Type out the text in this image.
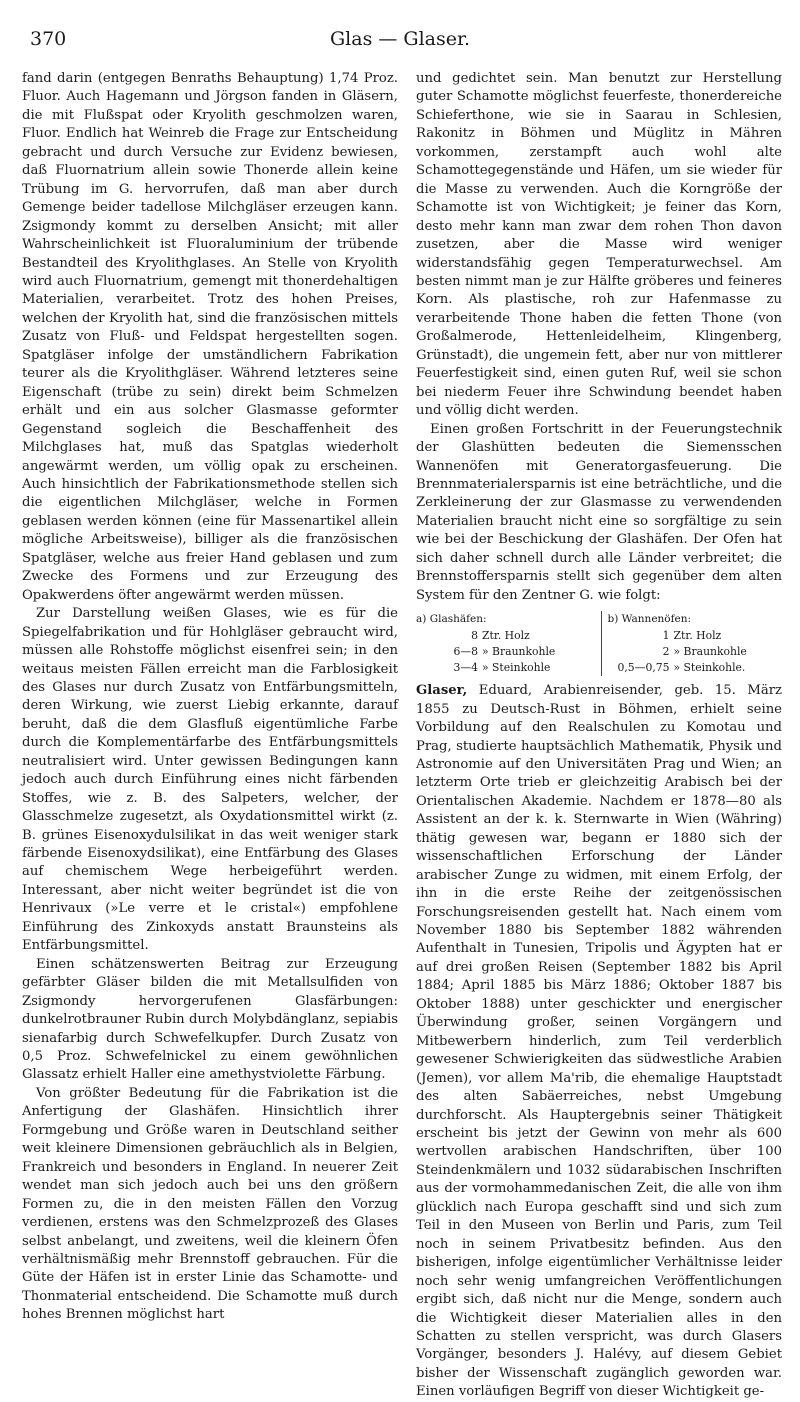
370	Glas — Glaser.

fand darin (entgegen Benraths Behauptung) 1,74 Proz. Fluor. Auch Hagemann und Jörgson fanden in Gläsern, die mit Flußspat oder Kryolith geschmolzen waren, Fluor. Endlich hat Weinreb die Frage zur Entscheidung gebracht und durch Versuche zur Evidenz bewiesen, daß Fluornatrium allein sowie Thonerde allein keine Trübung im G. hervorrufen, daß man aber durch Gemenge beider tadellose Milchgläser erzeugen kann. Zsigmondy kommt zu derselben Ansicht; mit aller Wahrscheinlichkeit ist Fluoraluminium der trübende Bestandteil des Kryolithglases. An Stelle von Kryolith wird auch Fluornatrium, gemengt mit thonerdehaltigen Materialien, verarbeitet. Trotz des hohen Preises, welchen der Kryolith hat, sind die französischen mittels Zusatz von Fluß- und Feldspat hergestellten sogen. Spatgläser infolge der umständlichern Fabrikation teurer als die Kryolithgläser. Während letzteres seine Eigenschaft (trübe zu sein) direkt beim Schmelzen erhält und ein aus solcher Glasmasse geformter Gegenstand sogleich die Beschaffenheit des Milchglases hat, muß das Spatglas wiederholt angewärmt werden, um völlig opak zu erscheinen. Auch hinsichtlich der Fabrikationsmethode stellen sich die eigentlichen Milchgläser, welche in Formen geblasen werden können (eine für Massenartikel allein mögliche Arbeitsweise), billiger als die französischen Spatgläser, welche aus freier Hand geblasen und zum Zwecke des Formens und zur Erzeugung des Opakwerdens öfter angewärmt werden müssen.

Zur Darstellung weißen Glases, wie es für die Spiegelfabrikation und für Hohlgläser gebraucht wird, müssen alle Rohstoffe möglichst eisenfrei sein; in den weitaus meisten Fällen erreicht man die Farblosigkeit des Glases nur durch Zusatz von Entfärbungsmitteln, deren Wirkung, wie zuerst Liebig erkannte, darauf beruht, daß die dem Glasfluß eigentümliche Farbe durch die Komplementärfarbe des Entfärbungsmittels neutralisiert wird. Unter gewissen Bedingungen kann jedoch auch durch Einführung eines nicht färbenden Stoffes, wie z. B. des Salpeters, welcher, der Glasschmelze zugesetzt, als Oxydationsmittel wirkt (z. B. grünes Eisenoxydulsilikat in das weit weniger stark färbende Eisenoxydsilikat), eine Entfärbung des Glases auf chemischem Wege herbeigeführt werden. Interessant, aber nicht weiter begründet ist die von Henrivaux (»Le verre et le cristal«) empfohlene Einführung des Zinkoxyds anstatt Braunsteins als Entfärbungsmittel.

Einen schätzenswerten Beitrag zur Erzeugung gefärbter Gläser bilden die mit Metallsulfiden von Zsigmondy hervorgerufenen Glasfärbungen: dunkelrotbrauner Rubin durch Molybdänglanz, sepiabis sienafarbig durch Schwefelkupfer. Durch Zusatz von 0,5 Proz. Schwefelnickel zu einem gewöhnlichen Glassatz erhielt Haller eine amethystviolette Färbung.

Von größter Bedeutung für die Fabrikation ist die Anfertigung der Glashäfen. Hinsichtlich ihrer Formgebung und Größe waren in Deutschland seither weit kleinere Dimensionen gebräuchlich als in Belgien, Frankreich und besonders in England. In neuerer Zeit wendet man sich jedoch auch bei uns den größern Formen zu, die in den meisten Fällen den Vorzug verdienen, erstens was den Schmelzprozeß des Glases selbst anbelangt, und zweitens, weil die kleinern Öfen verhältnismäßig mehr Brennstoff gebrauchen. Für die Güte der Häfen ist in erster Linie das Schamotte- und Thonmaterial entscheidend. Die Schamotte muß durch hohes Brennen möglichst hart

und gedichtet sein. Man benutzt zur Herstellung guter Schamotte möglichst feuerfeste, thonerdereiche Schieferthone, wie sie in Saarau in Schlesien, Rakonitz in Böhmen und Müglitz in Mähren vorkommen, zerstampft auch wohl alte Schamottegegenstände und Häfen, um sie wieder für die Masse zu verwenden. Auch die Korngröße der Schamotte ist von Wichtigkeit; je feiner das Korn, desto mehr kann man zwar dem rohen Thon davon zusetzen, aber die Masse wird weniger widerstandsfähig gegen Temperaturwechsel. Am besten nimmt man je zur Hälfte gröberes und feineres Korn. Als plastische, roh zur Hafenmasse zu verarbeitende Thone haben die fetten Thone (von Großalmerode, Hettenleidelheim, Klingenberg, Grünstadt), die ungemein fett, aber nur von mittlerer Feuerfestigkeit sind, einen guten Ruf, weil sie schon bei niederm Feuer ihre Schwindung beendet haben und völlig dicht werden.

Einen großen Fortschritt in der Feuerungstechnik der Glashütten bedeuten die Siemensschen Wannenöfen mit Generatorgasfeuerung. Die Brennmaterialersparnis ist eine beträchtliche, und die Zerkleinerung der zur Glasmasse zu verwendenden Materialien braucht nicht eine so sorgfältige zu sein wie bei der Beschickung der Glashäfen. Der Ofen hat sich daher schnell durch alle Länder verbreitet; die Brennstoffersparnis stellt sich gegenüber dem alten System für den Zentner G. wie folgt:

a) Glashäfen:
8 Ztr. Holz
6—8 » Braunkohle
3—4 » Steinkohle
b) Wannenöfen:
1 Ztr. Holz
2 » Braunkohle
0,5—0,75 » Steinkohle.

Glaser, Eduard, Arabienreisender, geb. 15. März 1855 zu Deutsch-Rust in Böhmen, erhielt seine Vorbildung auf den Realschulen zu Komotau und Prag, studierte hauptsächlich Mathematik, Physik und Astronomie auf den Universitäten Prag und Wien; an letzterm Orte trieb er gleichzeitig Arabisch bei der Orientalischen Akademie. Nachdem er 1878—80 als Assistent an der k. k. Sternwarte in Wien (Währing) thätig gewesen war, begann er 1880 sich der wissenschaftlichen Erforschung der Länder arabischer Zunge zu widmen, mit einem Erfolg, der ihn in die erste Reihe der zeitgenössischen Forschungsreisenden gestellt hat. Nach einem vom November 1880 bis September 1882 währenden Aufenthalt in Tunesien, Tripolis und Ägypten hat er auf drei großen Reisen (September 1882 bis April 1884; April 1885 bis März 1886; Oktober 1887 bis Oktober 1888) unter geschickter und energischer Überwindung großer, seinen Vorgängern und Mitbewerbern hinderlich, zum Teil verderblich gewesener Schwierigkeiten das südwestliche Arabien (Jemen), vor allem Ma'rib, die ehemalige Hauptstadt des alten Sabäerreiches, nebst Umgebung durchforscht. Als Hauptergebnis seiner Thätigkeit erscheint bis jetzt der Gewinn von mehr als 600 wertvollen arabischen Handschriften, über 100 Steindenkmälern und 1032 südarabischen Inschriften aus der vormohammedanischen Zeit, die alle von ihm glücklich nach Europa geschafft sind und sich zum Teil in den Museen von Berlin und Paris, zum Teil noch in seinem Privatbesitz befinden. Aus den bisherigen, infolge eigentümlicher Verhältnisse leider noch sehr wenig umfangreichen Veröffentlichungen ergibt sich, daß nicht nur die Menge, sondern auch die Wichtigkeit dieser Materialien alles in den Schatten zu stellen verspricht, was durch Glasers Vorgänger, besonders J. Halévy, auf diesem Gebiet bisher der Wissenschaft zugänglich geworden war. Einen vorläufigen Begriff von dieser Wichtigkeit ge-
